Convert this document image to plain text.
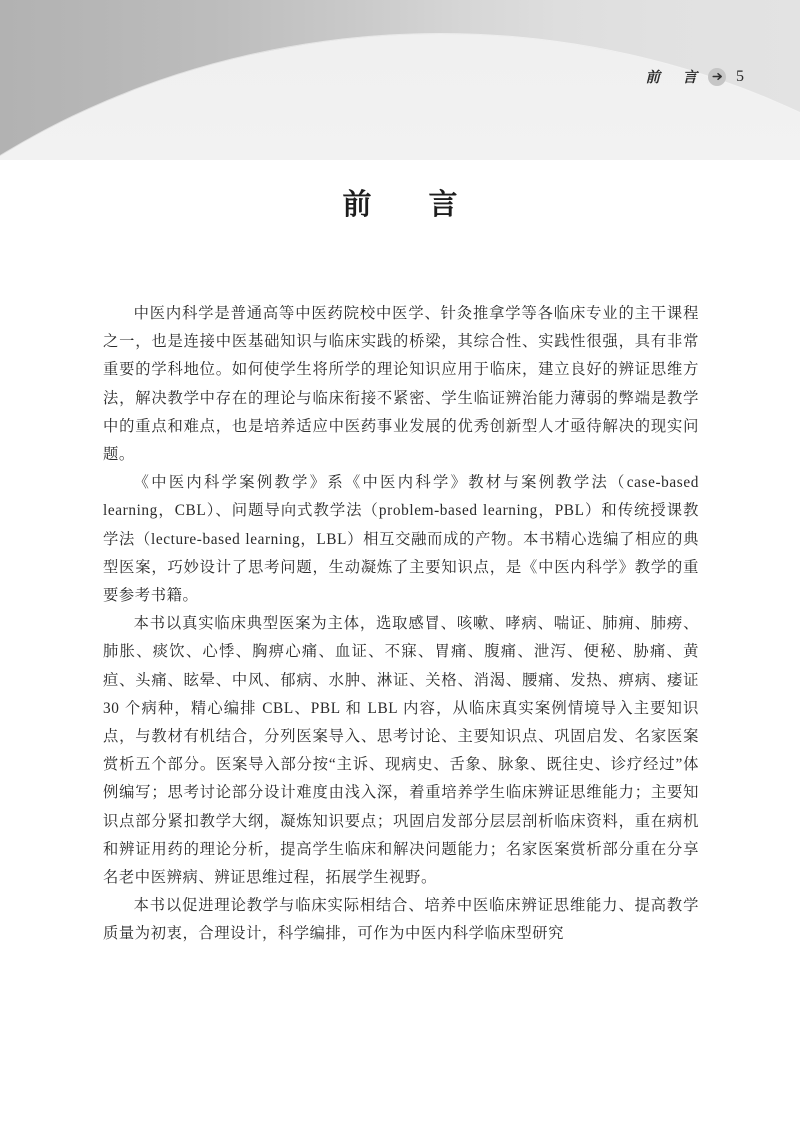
前　言 5
前　言

中医内科学是普通高等中医药院校中医学、针灸推拿学等各临床专业的主干课程之一，也是连接中医基础知识与临床实践的桥梁，其综合性、实践性很强，具有非常重要的学科地位。如何使学生将所学的理论知识应用于临床，建立良好的辨证思维方法，解决教学中存在的理论与临床衔接不紧密、学生临证辨治能力薄弱的弊端是教学中的重点和难点，也是培养适应中医药事业发展的优秀创新型人才亟待解决的现实问题。

《中医内科学案例教学》系《中医内科学》教材与案例教学法（case-based learning，CBL）、问题导向式教学法（problem-based learning，PBL）和传统授课教学法（lecture-based learning，LBL）相互交融而成的产物。本书精心选编了相应的典型医案，巧妙设计了思考问题，生动凝炼了主要知识点，是《中医内科学》教学的重要参考书籍。

本书以真实临床典型医案为主体，选取感冒、咳嗽、哮病、喘证、肺痈、肺痨、肺胀、痰饮、心悸、胸痹心痛、血证、不寐、胃痛、腹痛、泄泻、便秘、胁痛、黄疸、头痛、眩晕、中风、郁病、水肿、淋证、关格、消渴、腰痛、发热、痹病、痿证 30 个病种，精心编排 CBL、PBL 和 LBL 内容，从临床真实案例情境导入主要知识点，与教材有机结合，分列医案导入、思考讨论、主要知识点、巩固启发、名家医案赏析五个部分。医案导入部分按“主诉、现病史、舌象、脉象、既往史、诊疗经过”体例编写；思考讨论部分设计难度由浅入深，着重培养学生临床辨证思维能力；主要知识点部分紧扣教学大纲，凝炼知识要点；巩固启发部分层层剖析临床资料，重在病机和辨证用药的理论分析，提高学生临床和解决问题能力；名家医案赏析部分重在分享名老中医辨病、辨证思维过程，拓展学生视野。

本书以促进理论教学与临床实际相结合、培养中医临床辨证思维能力、提高教学质量为初衷，合理设计，科学编排，可作为中医内科学临床型研究
